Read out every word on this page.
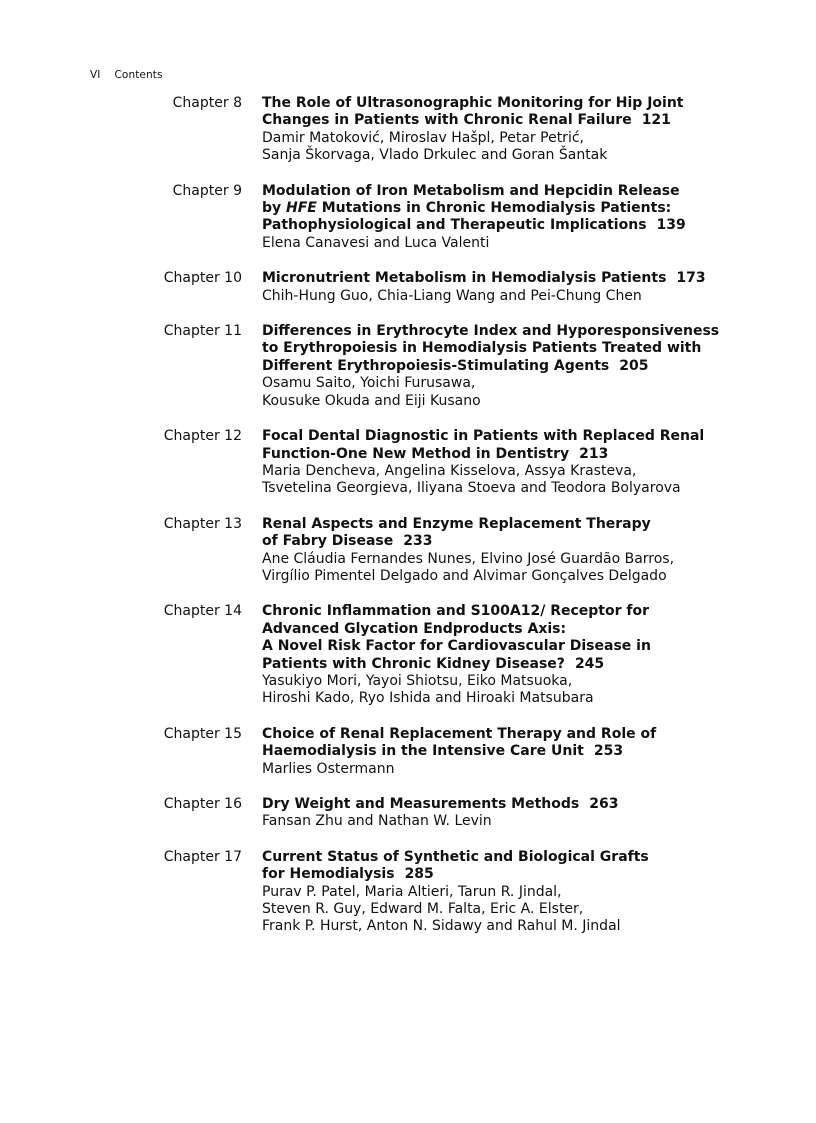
VI Contents
Chapter 8 The Role of Ultrasonographic Monitoring for Hip Joint
Changes in Patients with Chronic Renal Failure 121
Damir Matoković, Miroslav Hašpl, Petar Petrić,
Sanja Škorvaga, Vlado Drkulec and Goran Šantak
Chapter 9 Modulation of Iron Metabolism and Hepcidin Release
by HFE Mutations in Chronic Hemodialysis Patients:
Pathophysiological and Therapeutic Implications 139
Elena Canavesi and Luca Valenti
Chapter 10 Micronutrient Metabolism in Hemodialysis Patients 173
Chih-Hung Guo, Chia-Liang Wang and Pei-Chung Chen
Chapter 11 Differences in Erythrocyte Index and Hyporesponsiveness
to Erythropoiesis in Hemodialysis Patients Treated with
Different Erythropoiesis-Stimulating Agents 205
Osamu Saito, Yoichi Furusawa,
Kousuke Okuda and Eiji Kusano
Chapter 12 Focal Dental Diagnostic in Patients with Replaced Renal
Function-One New Method in Dentistry 213
Maria Dencheva, Angelina Kisselova, Assya Krasteva,
Tsvetelina Georgieva, Iliyana Stoeva and Teodora Bolyarova
Chapter 13 Renal Aspects and Enzyme Replacement Therapy
of Fabry Disease 233
Ane Cláudia Fernandes Nunes, Elvino José Guardão Barros,
Virgílio Pimentel Delgado and Alvimar Gonçalves Delgado
Chapter 14 Chronic Inflammation and S100A12/ Receptor for
Advanced Glycation Endproducts Axis:
A Novel Risk Factor for Cardiovascular Disease in
Patients with Chronic Kidney Disease? 245
Yasukiyo Mori, Yayoi Shiotsu, Eiko Matsuoka,
Hiroshi Kado, Ryo Ishida and Hiroaki Matsubara
Chapter 15 Choice of Renal Replacement Therapy and Role of
Haemodialysis in the Intensive Care Unit 253
Marlies Ostermann
Chapter 16 Dry Weight and Measurements Methods 263
Fansan Zhu and Nathan W. Levin
Chapter 17 Current Status of Synthetic and Biological Grafts
for Hemodialysis 285
Purav P. Patel, Maria Altieri, Tarun R. Jindal,
Steven R. Guy, Edward M. Falta, Eric A. Elster,
Frank P. Hurst, Anton N. Sidawy and Rahul M. Jindal
